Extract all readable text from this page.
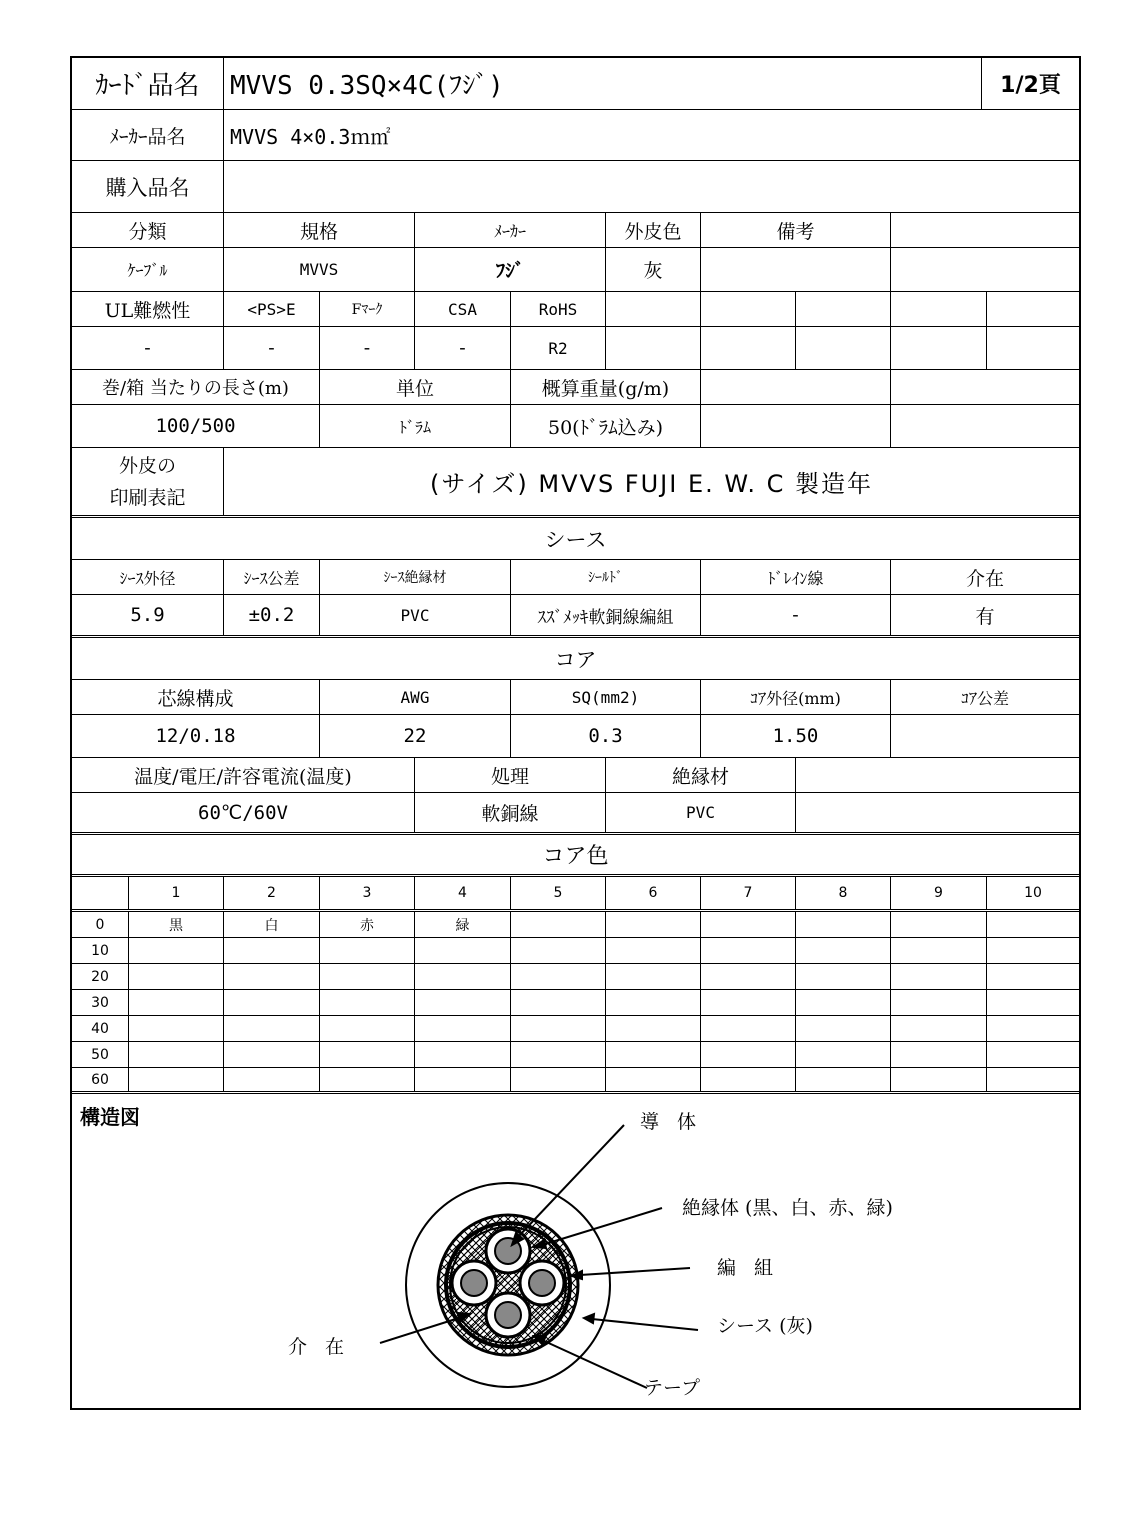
ｶｰﾄﾞ品名	MVVS 0.3SQ×4C(ﾌｼﾞ)	1/2頁
ﾒｰｶｰ品名	MVVS 4×0.3ｍ㎡
購入品名
分類	規格	ﾒｰｶｰ	外皮色	備考
ｹｰﾌﾞﾙ	MVVS	ﾌｼﾞ	灰
UL難燃性	<PS>E	Fﾏｰｸ	CSA	RoHS
-	-	-	-	R2
巻/箱 当たりの長さ(m)	単位	概算重量(g/m)
100/500	ﾄﾞﾗﾑ	50(ﾄﾞﾗﾑ込み)
外皮の
印刷表記	(サイズ) MVVS FUJI E. W. C 製造年
シース
ｼｰｽ外径	ｼｰｽ公差	ｼｰｽ絶縁材	ｼｰﾙﾄﾞ	ﾄﾞﾚｲﾝ線	介在
5.9	±0.2	PVC	ｽｽﾞﾒｯｷ軟銅線編組	-	有
コア
芯線構成	AWG	SQ(mm2)	ｺｱ外径(mm)	ｺｱ公差
12/0.18	22	0.3	1.50
温度/電圧/許容電流(温度)	処理	絶縁材
60℃/60V	軟銅線	PVC
コア色
1	2	3	4	5	6	7	8	9	10
0	黒	白	赤	緑
10
20
30
40
50
60
構造図	導 体
絶縁体 (黒、白、赤、緑)
編 組
シース (灰)
介 在
テープ
